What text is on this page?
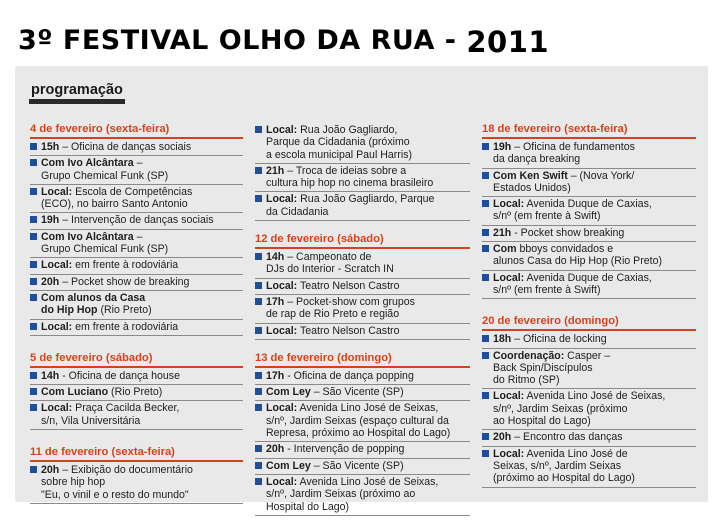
3º FESTIVAL OLHO DA RUA - 2011
programação
4 de fevereiro (sexta-feira)
15h – Oficina de danças sociais
Com Ivo Alcântara –
Grupo Chemical Funk (SP)
Local: Escola de Competências
(ECO), no bairro Santo Antonio
19h – Intervenção de danças sociais
Com Ivo Alcântara –
Grupo Chemical Funk (SP)
Local: em frente à rodoviária
20h – Pocket show de breaking
Com alunos da Casa
do Hip Hop (Rio Preto)
Local: em frente à rodoviária
5 de fevereiro (sábado)
14h - Oficina de dança house
Com Luciano (Rio Preto)
Local: Praça Cacilda Becker,
s/n, Vila Universitária
11 de fevereiro (sexta-feira)
20h – Exibição do documentário
sobre hip hop
"Eu, o vinil e o resto do mundo"
Local: Rua João Gagliardo,
Parque da Cidadania (próximo
a escola municipal Paul Harris)
21h – Troca de ideias sobre a
cultura hip hop no cinema brasileiro
Local: Rua João Gagliardo, Parque
da Cidadania
12 de fevereiro (sábado)
14h – Campeonato de
DJs do Interior - Scratch IN
Local: Teatro Nelson Castro
17h – Pocket-show com grupos
de rap de Rio Preto e região
Local: Teatro Nelson Castro
13 de fevereiro (domingo)
17h - Oficina de dança popping
Com Ley – São Vicente (SP)
Local: Avenida Lino José de Seixas,
s/nº, Jardim Seixas (espaço cultural da
Represa, próximo ao Hospital do Lago)
20h - Intervenção de popping
Com Ley – São Vicente (SP)
Local: Avenida Lino José de Seixas,
s/nº, Jardim Seixas (próximo ao
Hospital do Lago)
18 de fevereiro (sexta-feira)
19h – Oficina de fundamentos
da dança breaking
Com Ken Swift – (Nova York/
Estados Unidos)
Local: Avenida Duque de Caxias,
s/nº (em frente à Swift)
21h - Pocket show breaking
Com bboys convidados e
alunos Casa do Hip Hop (Rio Preto)
Local: Avenida Duque de Caxias,
s/nº (em frente à Swift)
20 de fevereiro (domingo)
18h – Oficina de locking
Coordenação: Casper –
Back Spin/Discípulos
do Ritmo (SP)
Local: Avenida Lino José de Seixas,
s/nº, Jardim Seixas (próximo
ao Hospital do Lago)
20h – Encontro das danças
Local: Avenida Lino José de
Seixas, s/nº, Jardim Seixas
(próximo ao Hospital do Lago)
